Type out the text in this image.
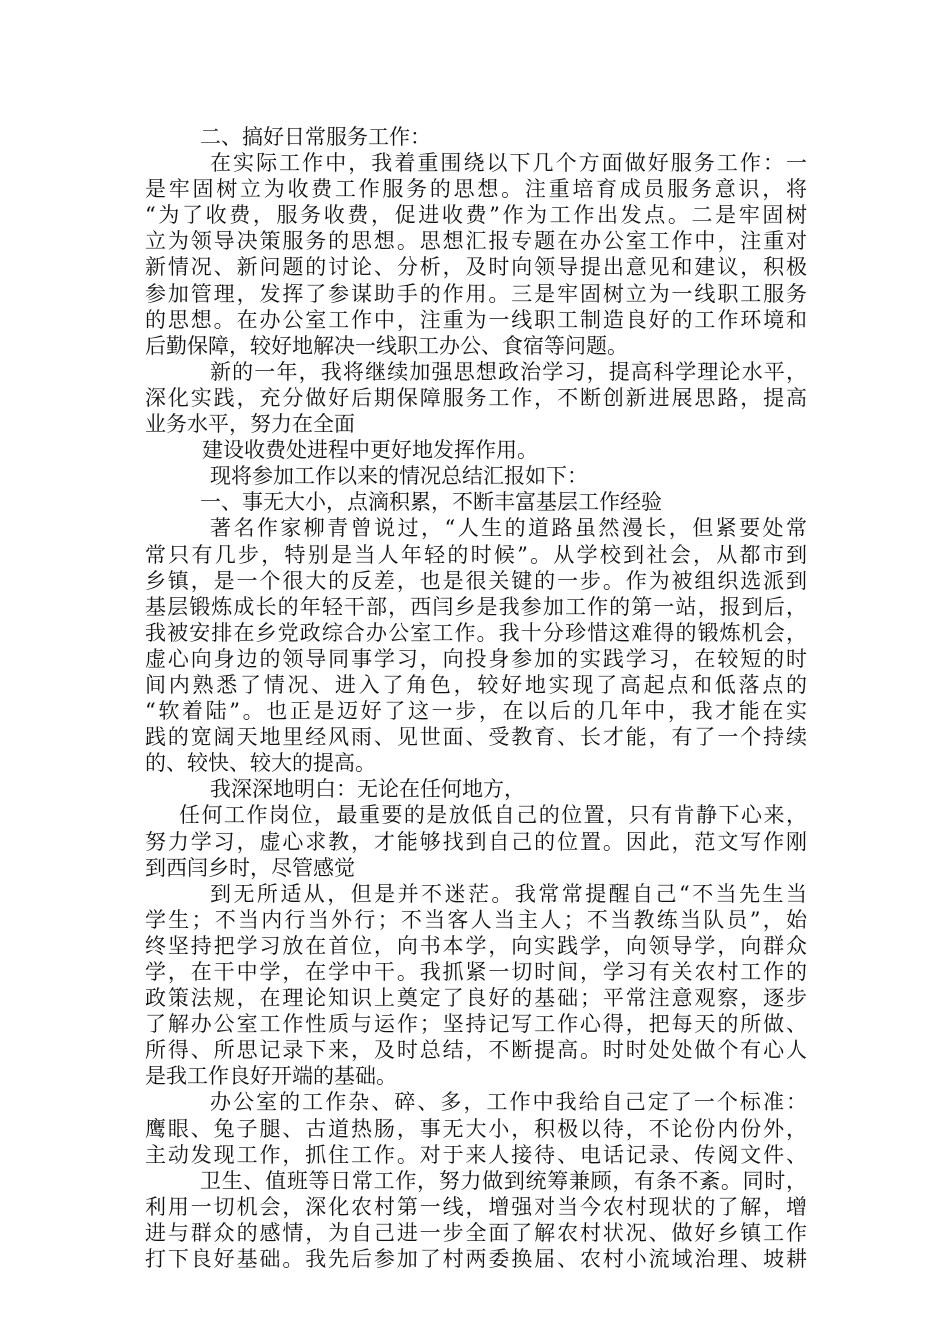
二、搞好日常服务工作：
在实际工作中，我着重围绕以下几个方面做好服务工作：一
是牢固树立为收费工作服务的思想。注重培育成员服务意识，将
“为了收费，服务收费，促进收费”作为工作出发点。二是牢固树
立为领导决策服务的思想。思想汇报专题在办公室工作中，注重对
新情况、新问题的讨论、分析，及时向领导提出意见和建议，积极
参加管理，发挥了参谋助手的作用。三是牢固树立为一线职工服务
的思想。在办公室工作中，注重为一线职工制造良好的工作环境和
后勤保障，较好地解决一线职工办公、食宿等问题。
新的一年，我将继续加强思想政治学习，提高科学理论水平，
深化实践，充分做好后期保障服务工作，不断创新进展思路，提高
业务水平，努力在全面
建设收费处进程中更好地发挥作用。
现将参加工作以来的情况总结汇报如下：
一、事无大小，点滴积累，不断丰富基层工作经验
著名作家柳青曾说过，“人生的道路虽然漫长，但紧要处常
常只有几步，特别是当人年轻的时候”。从学校到社会，从都市到
乡镇，是一个很大的反差，也是很关键的一步。作为被组织选派到
基层锻炼成长的年轻干部，西闫乡是我参加工作的第一站，报到后，
我被安排在乡党政综合办公室工作。我十分珍惜这难得的锻炼机会，
虚心向身边的领导同事学习，向投身参加的实践学习，在较短的时
间内熟悉了情况、进入了角色，较好地实现了高起点和低落点的
“软着陆”。也正是迈好了这一步，在以后的几年中，我才能在实
践的宽阔天地里经风雨、见世面、受教育、长才能，有了一个持续
的、较快、较大的提高。
我深深地明白：无论在任何地方，
任何工作岗位，最重要的是放低自己的位置，只有肯静下心来，
努力学习，虚心求教，才能够找到自己的位置。因此，范文写作刚
到西闫乡时，尽管感觉
到无所适从，但是并不迷茫。我常常提醒自己“不当先生当
学生；不当内行当外行；不当客人当主人；不当教练当队员”，始
终坚持把学习放在首位，向书本学，向实践学，向领导学，向群众
学，在干中学，在学中干。我抓紧一切时间，学习有关农村工作的
政策法规，在理论知识上奠定了良好的基础；平常注意观察，逐步
了解办公室工作性质与运作；坚持记写工作心得，把每天的所做、
所得、所思记录下来，及时总结，不断提高。时时处处做个有心人
是我工作良好开端的基础。
办公室的工作杂、碎、多，工作中我给自己定了一个标准：
鹰眼、兔子腿、古道热肠，事无大小，积极以待，不论份内份外，
主动发现工作，抓住工作。对于来人接待、电话记录、传阅文件、
卫生、值班等日常工作，努力做到统筹兼顾，有条不紊。同时，
利用一切机会，深化农村第一线，增强对当今农村现状的了解，增
进与群众的感情，为自己进一步全面了解农村状况、做好乡镇工作
打下良好基础。我先后参加了村两委换届、农村小流域治理、坡耕
